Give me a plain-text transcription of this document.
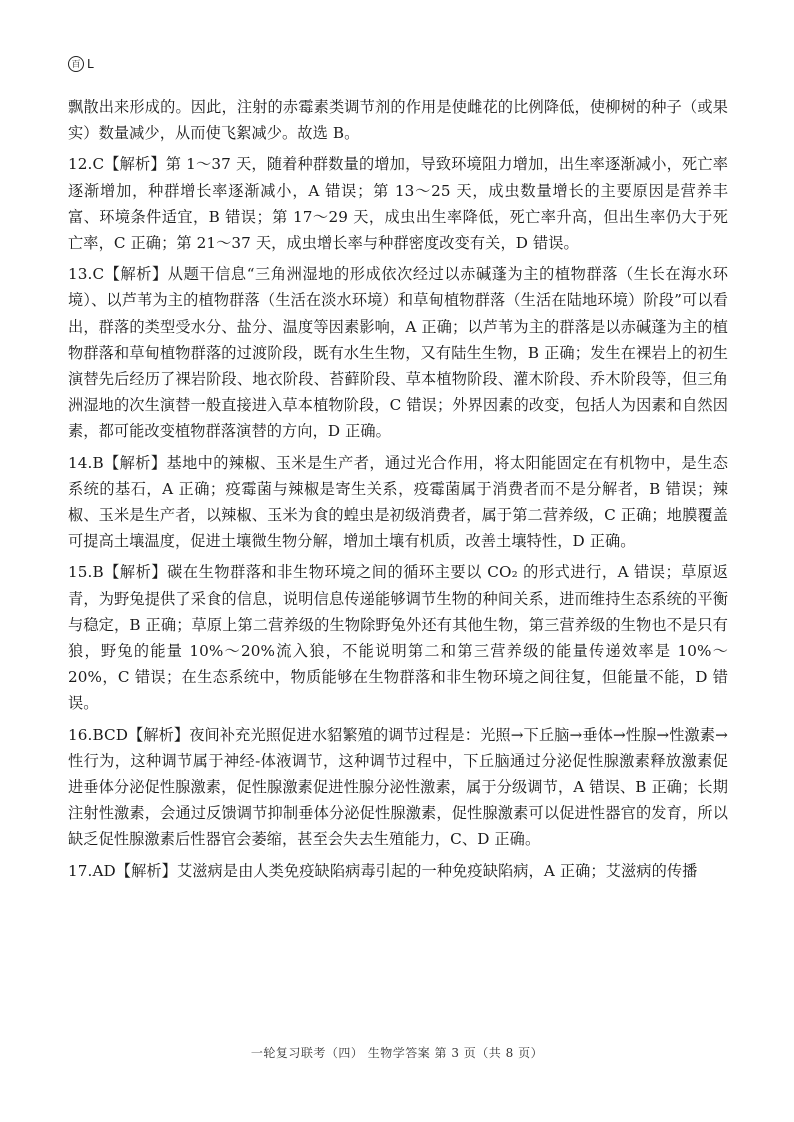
百 L

飘散出来形成的。因此，注射的赤霉素类调节剂的作用是使雌花的比例降低，使柳树的种子（或果实）数量减少，从而使飞絮减少。故选 B。

12.C【解析】第 1～37 天，随着种群数量的增加，导致环境阻力增加，出生率逐渐减小，死亡率逐渐增加，种群增长率逐渐减小，A 错误；第 13～25 天，成虫数量增长的主要原因是营养丰富、环境条件适宜，B 错误；第 17～29 天，成虫出生率降低，死亡率升高，但出生率仍大于死亡率，C 正确；第 21～37 天，成虫增长率与种群密度改变有关，D 错误。

13.C【解析】从题干信息“三角洲湿地的形成依次经过以赤碱蓬为主的植物群落（生长在海水环境）、以芦苇为主的植物群落（生活在淡水环境）和草甸植物群落（生活在陆地环境）阶段”可以看出，群落的类型受水分、盐分、温度等因素影响，A 正确；以芦苇为主的群落是以赤碱蓬为主的植物群落和草甸植物群落的过渡阶段，既有水生生物，又有陆生生物，B 正确；发生在裸岩上的初生演替先后经历了裸岩阶段、地衣阶段、苔藓阶段、草本植物阶段、灌木阶段、乔木阶段等，但三角洲湿地的次生演替一般直接进入草本植物阶段，C 错误；外界因素的改变，包括人为因素和自然因素，都可能改变植物群落演替的方向，D 正确。

14.B【解析】基地中的辣椒、玉米是生产者，通过光合作用，将太阳能固定在有机物中，是生态系统的基石，A 正确；疫霉菌与辣椒是寄生关系，疫霉菌属于消费者而不是分解者，B 错误；辣椒、玉米是生产者，以辣椒、玉米为食的蝗虫是初级消费者，属于第二营养级，C 正确；地膜覆盖可提高土壤温度，促进土壤微生物分解，增加土壤有机质，改善土壤特性，D 正确。

15.B【解析】碳在生物群落和非生物环境之间的循环主要以 CO₂ 的形式进行，A 错误；草原返青，为野兔提供了采食的信息，说明信息传递能够调节生物的种间关系，进而维持生态系统的平衡与稳定，B 正确；草原上第二营养级的生物除野兔外还有其他生物，第三营养级的生物也不是只有狼，野兔的能量 10%～20%流入狼，不能说明第二和第三营养级的能量传递效率是 10%～20%，C 错误；在生态系统中，物质能够在生物群落和非生物环境之间往复，但能量不能，D 错误。

16.BCD【解析】夜间补充光照促进水貂繁殖的调节过程是：光照→下丘脑→垂体→性腺→性激素→性行为，这种调节属于神经-体液调节，这种调节过程中，下丘脑通过分泌促性腺激素释放激素促进垂体分泌促性腺激素，促性腺激素促进性腺分泌性激素，属于分级调节，A 错误、B 正确；长期注射性激素，会通过反馈调节抑制垂体分泌促性腺激素，促性腺激素可以促进性器官的发育，所以缺乏促性腺激素后性器官会萎缩，甚至会失去生殖能力，C、D 正确。

17.AD【解析】艾滋病是由人类免疫缺陷病毒引起的一种免疫缺陷病，A 正确；艾滋病的传播

一轮复习联考（四） 生物学答案 第 3 页（共 8 页）
